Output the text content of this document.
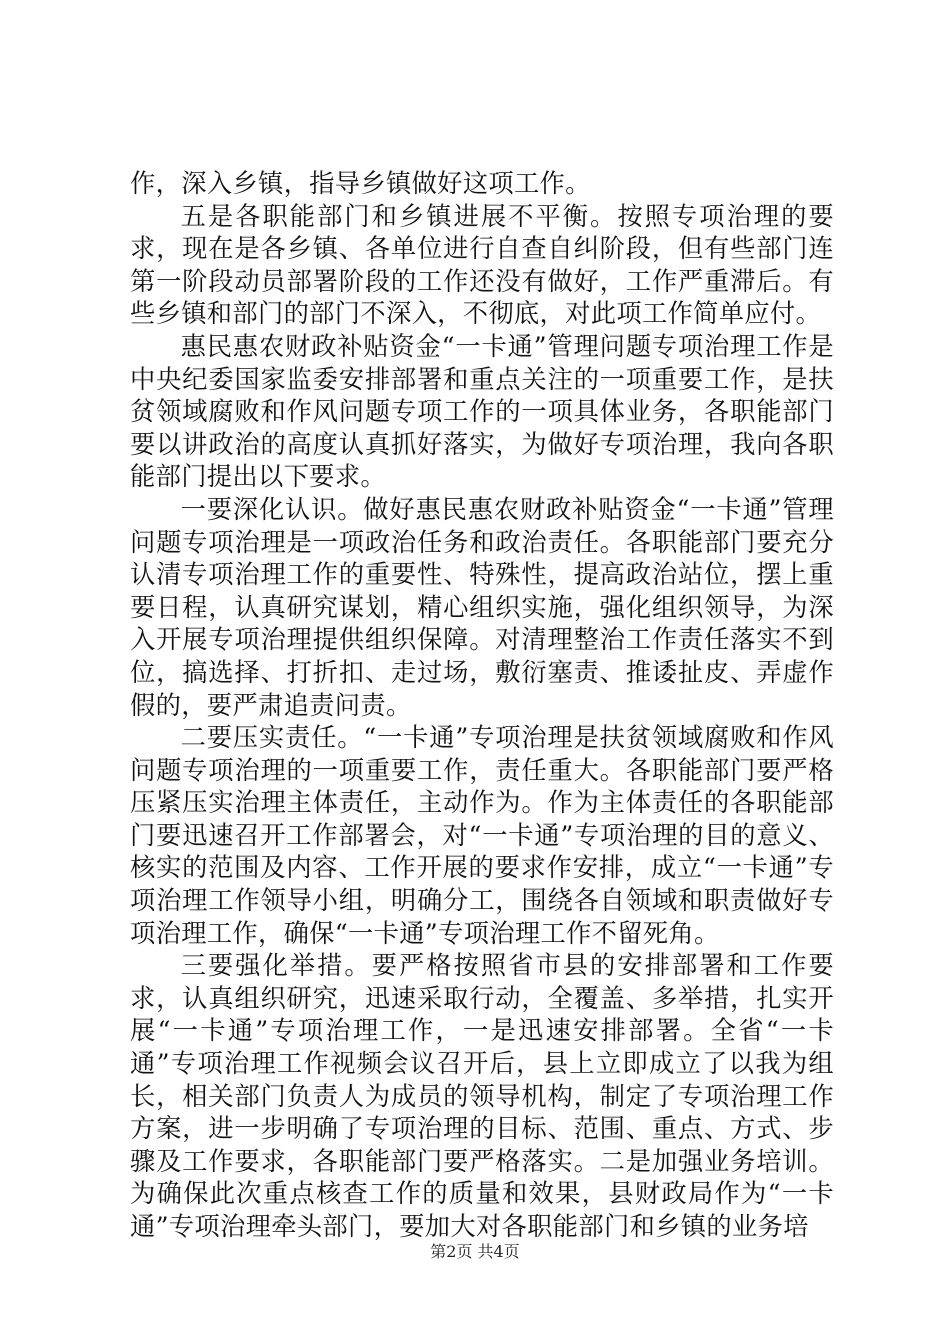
作，深入乡镇，指导乡镇做好这项工作。

五是各职能部门和乡镇进展不平衡。按照专项治理的要求，现在是各乡镇、各单位进行自查自纠阶段，但有些部门连第一阶段动员部署阶段的工作还没有做好，工作严重滞后。有些乡镇和部门的部门不深入，不彻底，对此项工作简单应付。

惠民惠农财政补贴资金“一卡通”管理问题专项治理工作是中央纪委国家监委安排部署和重点关注的一项重要工作，是扶贫领域腐败和作风问题专项工作的一项具体业务，各职能部门要以讲政治的高度认真抓好落实，为做好专项治理，我向各职能部门提出以下要求。

一要深化认识。做好惠民惠农财政补贴资金“一卡通”管理问题专项治理是一项政治任务和政治责任。各职能部门要充分认清专项治理工作的重要性、特殊性，提高政治站位，摆上重要日程，认真研究谋划，精心组织实施，强化组织领导，为深入开展专项治理提供组织保障。对清理整治工作责任落实不到位，搞选择、打折扣、走过场，敷衍塞责、推诿扯皮、弄虚作假的，要严肃追责问责。

二要压实责任。“一卡通”专项治理是扶贫领域腐败和作风问题专项治理的一项重要工作，责任重大。各职能部门要严格压紧压实治理主体责任，主动作为。作为主体责任的各职能部门要迅速召开工作部署会，对“一卡通”专项治理的目的意义、核实的范围及内容、工作开展的要求作安排，成立“一卡通”专项治理工作领导小组，明确分工，围绕各自领域和职责做好专项治理工作，确保“一卡通”专项治理工作不留死角。

三要强化举措。要严格按照省市县的安排部署和工作要求，认真组织研究，迅速采取行动，全覆盖、多举措，扎实开展“一卡通”专项治理工作，一是迅速安排部署。全省“一卡通”专项治理工作视频会议召开后，县上立即成立了以我为组长，相关部门负责人为成员的领导机构，制定了专项治理工作方案，进一步明确了专项治理的目标、范围、重点、方式、步骤及工作要求，各职能部门要严格落实。二是加强业务培训。为确保此次重点核查工作的质量和效果，县财政局作为“一卡通”专项治理牵头部门，要加大对各职能部门和乡镇的业务培

第2页 共4页
